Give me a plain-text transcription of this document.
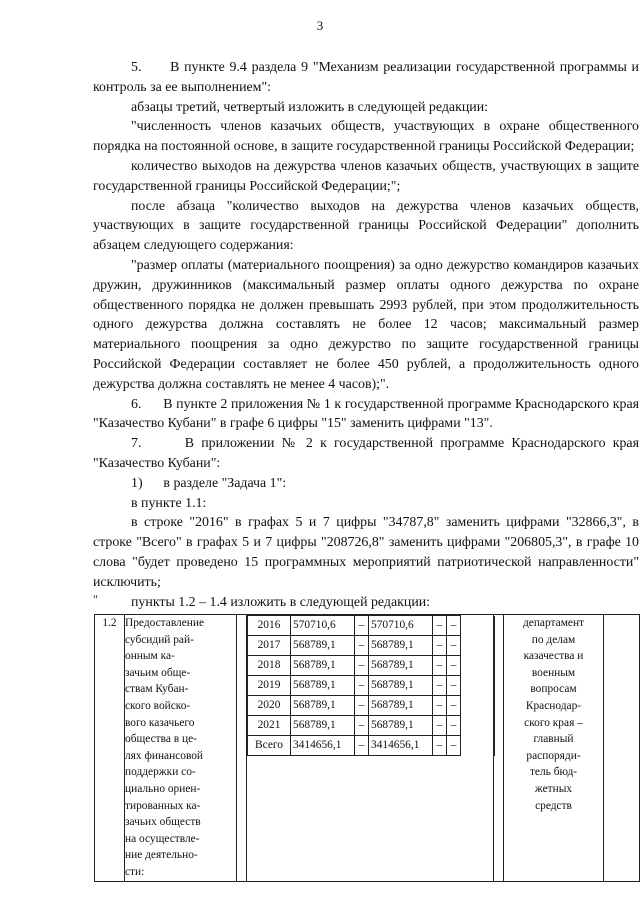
3

5.      В пункте 9.4 раздела 9 "Механизм реализации государственной программы и контроль за ее выполнением":

абзацы третий, четвертый изложить в следующей редакции:

"численность членов казачьих обществ, участвующих в охране общественного порядка на постоянной основе, в защите государственной границы Российской Федерации;

количество выходов на дежурства членов казачьих обществ, участвующих в защите государственной границы Российской Федерации;";

после абзаца "количество выходов на дежурства членов казачьих обществ, участвующих в защите государственной границы Российской Федерации" дополнить абзацем следующего содержания:

"размер оплаты (материального поощрения) за одно дежурство командиров казачьих дружин, дружинников (максимальный размер оплаты одного дежурства по охране общественного порядка не должен превышать 2993 рублей, при этом продолжительность одного дежурства должна составлять не более 12 часов; максимальный размер материального поощрения за одно дежурство по защите государственной границы Российской Федерации составляет не более 450 рублей, а продолжительность одного дежурства должна составлять не менее 4 часов);".

6.      В пункте 2 приложения № 1 к государственной программе Краснодарского края "Казачество Кубани" в графе 6 цифры "15" заменить цифрами "13".

7.      В приложении № 2 к государственной программе Краснодарского края "Казачество Кубани":

1)      в разделе "Задача 1":

в пункте 1.1:

в строке "2016" в графах 5 и 7 цифры "34787,8" заменить цифрами "32866,3", в строке "Всего" в графах 5 и 7 цифры "208726,8" заменить цифрами "206805,3", в графе 10 слова "будет проведено 15 программных мероприятий патриотической направленности" исключить;

пункты 1.2 – 1.4 изложить в следующей редакции:

"
1.2	Предоставление
субсидий рай-
онным ка-
зачьим обще-
ствам Кубан-
ского войско-
вого казачьего
общества в це-
лях финансовой
поддержки со-
циально ориен-
тированных ка-
зачьих обществ
на осуществле-
ние деятельно-
сти:

2016	570710,6	–	570710,6	–	–	
2017	568789,1	–	568789,1	–	–	
2018	568789,1	–	568789,1	–	–	
2019	568789,1	–	568789,1	–	–	
2020	568789,1	–	568789,1	–	–	
2021	568789,1	–	568789,1	–	–	
Всего	3414656,1	–	3414656,1	–	–	

департамент
по делам
казачества и
военным
вопросам
Краснодар-
ского края –
главный
распоряди-
тель бюд-
жетных
средств
